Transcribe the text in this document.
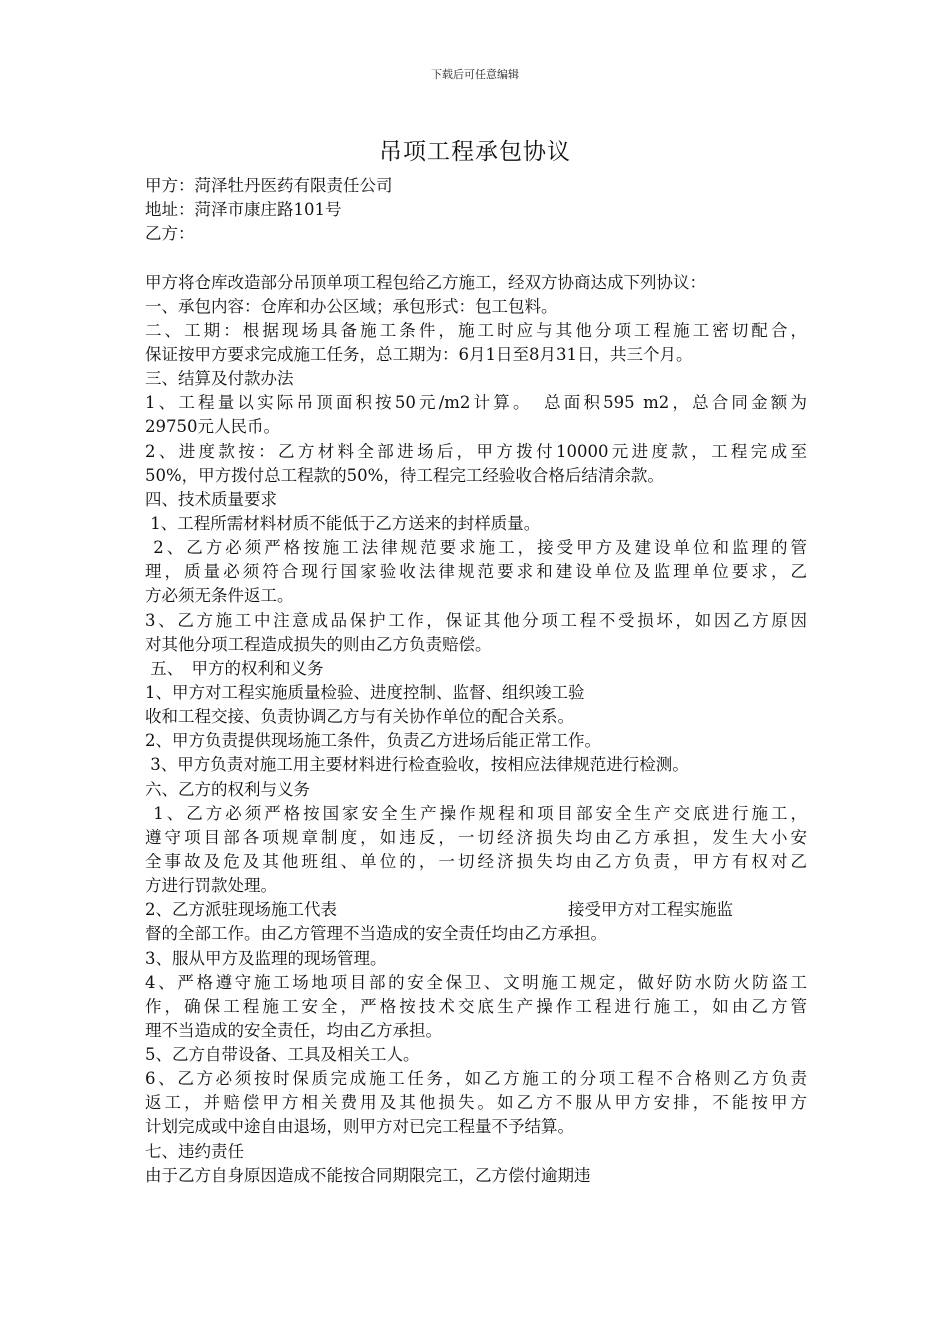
下载后可任意编辑
吊项工程承包协议
甲方：菏泽牡丹医药有限责任公司
地址：菏泽市康庄路101号
乙方：
甲方将仓库改造部分吊顶单项工程包给乙方施工，经双方协商达成下列协议：
一、承包内容：仓库和办公区域；承包形式：包工包料。
二、工期：根据现场具备施工条件，施工时应与其他分项工程施工密切配合，
保证按甲方要求完成施工任务，总工期为：6月1日至8月31日，共三个月。
三、结算及付款办法
1、工程量以实际吊顶面积按50元/m2计算。　总面积595 m2，总合同金额为
29750元人民币。
2、进度款按：乙方材料全部进场后，甲方拨付10000元进度款，工程完成至
50%，甲方拨付总工程款的50%，待工程完工经验收合格后结清余款。
四、技术质量要求
1、工程所需材料材质不能低于乙方送来的封样质量。
2、乙方必须严格按施工法律规范要求施工，接受甲方及建设单位和监理的管
理，质量必须符合现行国家验收法律规范要求和建设单位及监理单位要求，乙
方必须无条件返工。
3、乙方施工中注意成品保护工作，保证其他分项工程不受损坏，如因乙方原因
对其他分项工程造成损失的则由乙方负责赔偿。
五、　甲方的权利和义务
1、甲方对工程实施质量检验、进度控制、监督、组织竣工验
收和工程交接、负责协调乙方与有关协作单位的配合关系。
2、甲方负责提供现场施工条件，负责乙方进场后能正常工作。
3、甲方负责对施工用主要材料进行检查验收，按相应法律规范进行检测。
六、乙方的权利与义务
1、乙方必须严格按国家安全生产操作规程和项目部安全生产交底进行施工，
遵守项目部各项规章制度，如违反，一切经济损失均由乙方承担，发生大小安
全事故及危及其他班组、单位的，一切经济损失均由乙方负责，甲方有权对乙
方进行罚款处理。
2、乙方派驻现场施工代表　　　　　　　　　　　　　　接受甲方对工程实施监
督的全部工作。由乙方管理不当造成的安全责任均由乙方承担。
3、服从甲方及监理的现场管理。
4、严格遵守施工场地项目部的安全保卫、文明施工规定，做好防水防火防盗工
作，确保工程施工安全，严格按技术交底生产操作工程进行施工，如由乙方管
理不当造成的安全责任，均由乙方承担。
5、乙方自带设备、工具及相关工人。
6、乙方必须按时保质完成施工任务，如乙方施工的分项工程不合格则乙方负责
返工，并赔偿甲方相关费用及其他损失。如乙方不服从甲方安排，不能按甲方
计划完成或中途自由退场，则甲方对已完工程量不予结算。
七、违约责任
由于乙方自身原因造成不能按合同期限完工，乙方偿付逾期违
